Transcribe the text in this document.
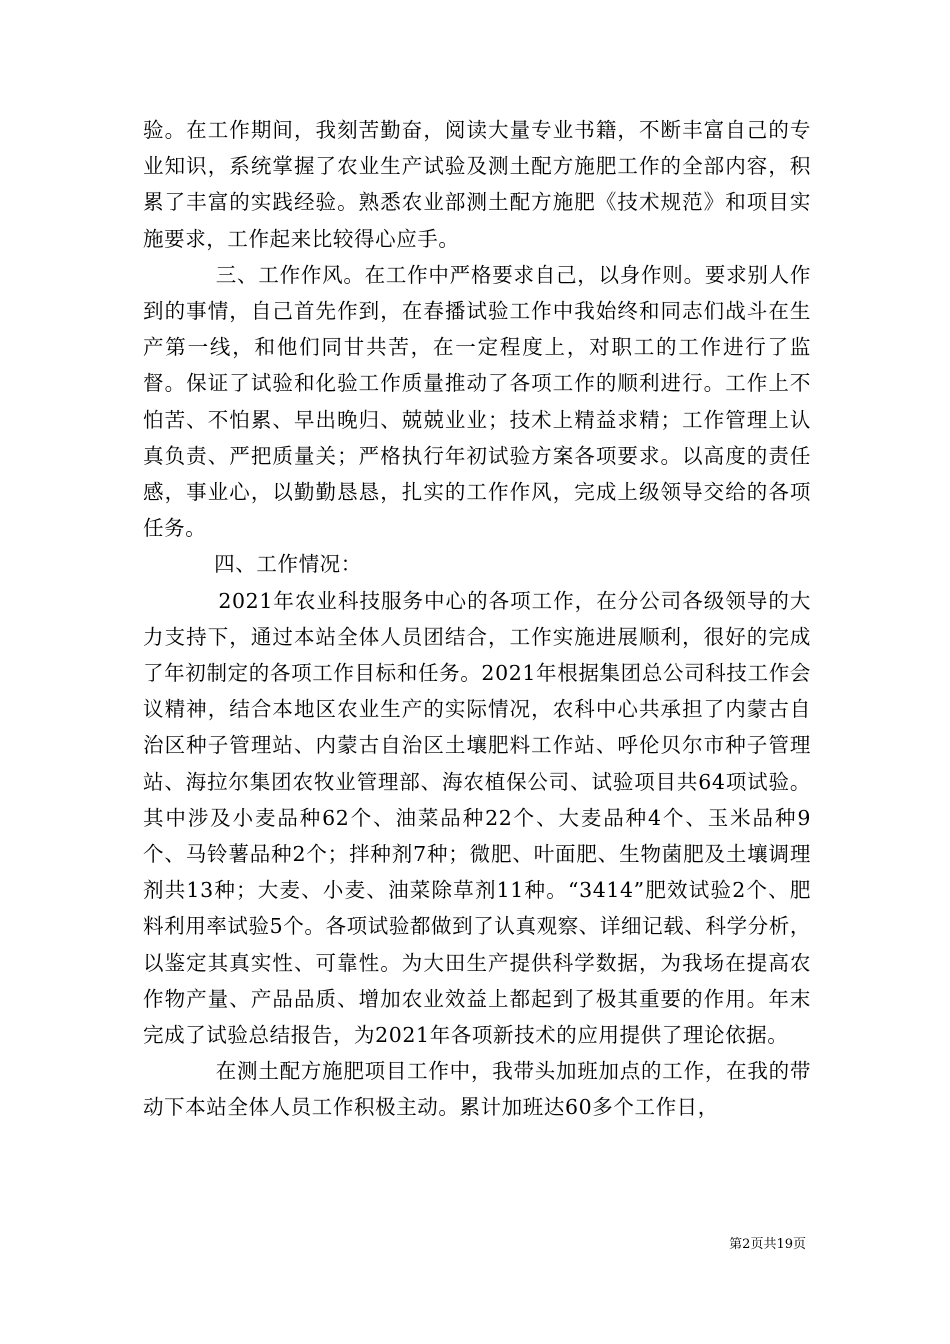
验。在工作期间，我刻苦勤奋，阅读大量专业书籍，不断丰富自己的专业知识，系统掌握了农业生产试验及测土配方施肥工作的全部内容，积累了丰富的实践经验。熟悉农业部测土配方施肥《技术规范》和项目实施要求，工作起来比较得心应手。

三、工作作风。在工作中严格要求自己，以身作则。要求别人作到的事情，自己首先作到，在春播试验工作中我始终和同志们战斗在生产第一线，和他们同甘共苦，在一定程度上，对职工的工作进行了监督。保证了试验和化验工作质量推动了各项工作的顺利进行。工作上不怕苦、不怕累、早出晚归、兢兢业业；技术上精益求精；工作管理上认真负责、严把质量关；严格执行年初试验方案各项要求。以高度的责任感，事业心，以勤勤恳恳，扎实的工作作风，完成上级领导交给的各项任务。

四、工作情况：

2021年农业科技服务中心的各项工作，在分公司各级领导的大力支持下，通过本站全体人员团结合，工作实施进展顺利，很好的完成了年初制定的各项工作目标和任务。2021年根据集团总公司科技工作会议精神，结合本地区农业生产的实际情况，农科中心共承担了内蒙古自治区种子管理站、内蒙古自治区土壤肥料工作站、呼伦贝尔市种子管理站、海拉尔集团农牧业管理部、海农植保公司、试验项目共64项试验。其中涉及小麦品种62个、油菜品种22个、大麦品种4个、玉米品种9个、马铃薯品种2个；拌种剂7种；微肥、叶面肥、生物菌肥及土壤调理剂共13种；大麦、小麦、油菜除草剂11种。“3414”肥效试验2个、肥料利用率试验5个。各项试验都做到了认真观察、详细记载、科学分析，以鉴定其真实性、可靠性。为大田生产提供科学数据，为我场在提高农作物产量、产品品质、增加农业效益上都起到了极其重要的作用。年末完成了试验总结报告，为2021年各项新技术的应用提供了理论依据。

在测土配方施肥项目工作中，我带头加班加点的工作，在我的带动下本站全体人员工作积极主动。累计加班达60多个工作日，

第2页共19页
